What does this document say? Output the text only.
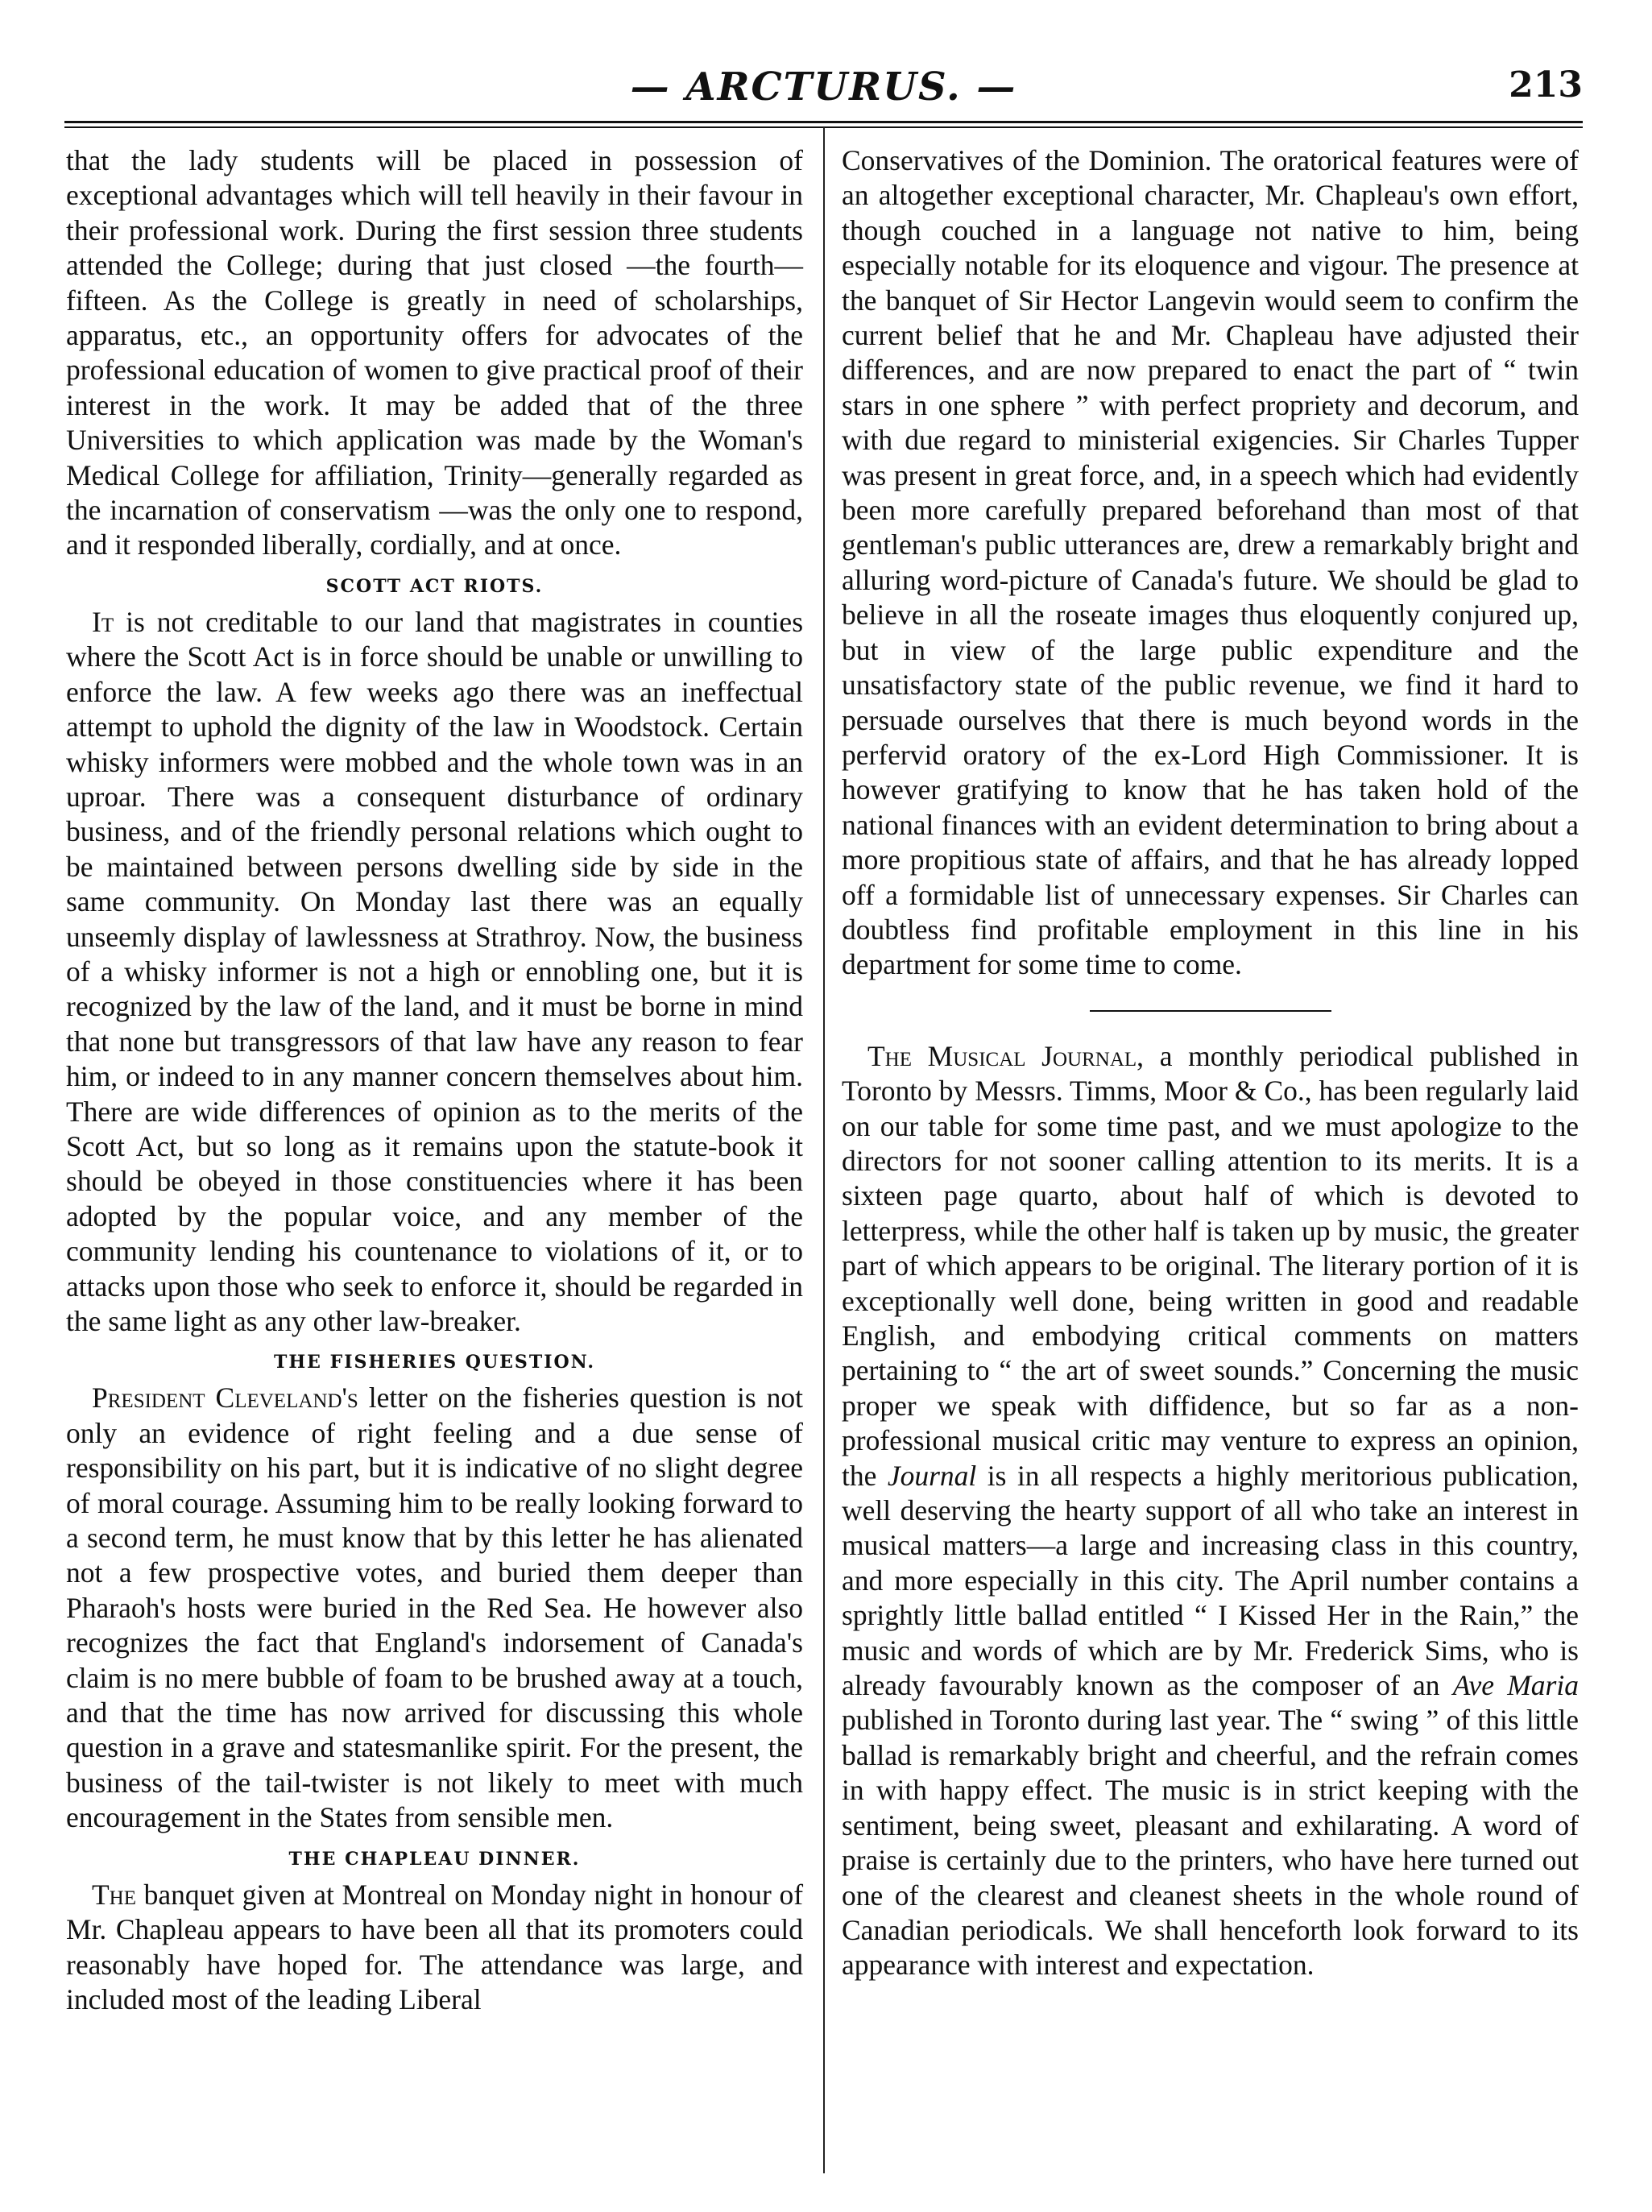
— ARCTURUS. —	213

that the lady students will be placed in possession of exceptional advantages which will tell heavily in their favour in their professional work. During the first session three students attended the College; during that just closed —the fourth—fifteen. As the College is greatly in need of scholarships, apparatus, etc., an opportunity offers for advocates of the professional education of women to give practical proof of their interest in the work. It may be added that of the three Universities to which application was made by the Woman's Medical College for affiliation, Trinity—generally regarded as the incarnation of conservatism —was the only one to respond, and it responded liberally, cordially, and at once.

SCOTT ACT RIOTS.

It is not creditable to our land that magistrates in counties where the Scott Act is in force should be unable or unwilling to enforce the law. A few weeks ago there was an ineffectual attempt to uphold the dignity of the law in Woodstock. Certain whisky informers were mobbed and the whole town was in an uproar. There was a consequent disturbance of ordinary business, and of the friendly personal relations which ought to be maintained between persons dwelling side by side in the same community. On Monday last there was an equally unseemly display of lawlessness at Strathroy. Now, the business of a whisky informer is not a high or ennobling one, but it is recognized by the law of the land, and it must be borne in mind that none but transgressors of that law have any reason to fear him, or indeed to in any manner concern themselves about him. There are wide differences of opinion as to the merits of the Scott Act, but so long as it remains upon the statute-book it should be obeyed in those constituencies where it has been adopted by the popular voice, and any member of the community lending his countenance to violations of it, or to attacks upon those who seek to enforce it, should be regarded in the same light as any other law-breaker.

THE FISHERIES QUESTION.

President Cleveland's letter on the fisheries question is not only an evidence of right feeling and a due sense of responsibility on his part, but it is indicative of no slight degree of moral courage. Assuming him to be really looking forward to a second term, he must know that by this letter he has alienated not a few prospective votes, and buried them deeper than Pharaoh's hosts were buried in the Red Sea. He however also recognizes the fact that England's indorsement of Canada's claim is no mere bubble of foam to be brushed away at a touch, and that the time has now arrived for discussing this whole question in a grave and statesmanlike spirit. For the present, the business of the tail-twister is not likely to meet with much encouragement in the States from sensible men.

THE CHAPLEAU DINNER.

The banquet given at Montreal on Monday night in honour of Mr. Chapleau appears to have been all that its promoters could reasonably have hoped for. The attendance was large, and included most of the leading Liberal

Conservatives of the Dominion. The oratorical features were of an altogether exceptional character, Mr. Chapleau's own effort, though couched in a language not native to him, being especially notable for its eloquence and vigour. The presence at the banquet of Sir Hector Langevin would seem to confirm the current belief that he and Mr. Chapleau have adjusted their differences, and are now prepared to enact the part of “ twin stars in one sphere ” with perfect propriety and decorum, and with due regard to ministerial exigencies. Sir Charles Tupper was present in great force, and, in a speech which had evidently been more carefully prepared beforehand than most of that gentleman's public utterances are, drew a remarkably bright and alluring word-picture of Canada's future. We should be glad to believe in all the roseate images thus eloquently conjured up, but in view of the large public expenditure and the unsatisfactory state of the public revenue, we find it hard to persuade ourselves that there is much beyond words in the perfervid oratory of the ex-Lord High Commissioner. It is however gratifying to know that he has taken hold of the national finances with an evident determination to bring about a more propitious state of affairs, and that he has already lopped off a formidable list of unnecessary expenses. Sir Charles can doubtless find profitable employment in this line in his department for some time to come.

The Musical Journal, a monthly periodical published in Toronto by Messrs. Timms, Moor & Co., has been regularly laid on our table for some time past, and we must apologize to the directors for not sooner calling attention to its merits. It is a sixteen page quarto, about half of which is devoted to letterpress, while the other half is taken up by music, the greater part of which appears to be original. The literary portion of it is exceptionally well done, being written in good and readable English, and embodying critical comments on matters pertaining to “ the art of sweet sounds.” Concerning the music proper we speak with diffidence, but so far as a non-professional musical critic may venture to express an opinion, the Journal is in all respects a highly meritorious publication, well deserving the hearty support of all who take an interest in musical matters—a large and increasing class in this country, and more especially in this city. The April number contains a sprightly little ballad entitled “ I Kissed Her in the Rain,” the music and words of which are by Mr. Frederick Sims, who is already favourably known as the composer of an Ave Maria published in Toronto during last year. The “ swing ” of this little ballad is remarkably bright and cheerful, and the refrain comes in with happy effect. The music is in strict keeping with the sentiment, being sweet, pleasant and exhilarating. A word of praise is certainly due to the printers, who have here turned out one of the clearest and cleanest sheets in the whole round of Canadian periodicals. We shall henceforth look forward to its appearance with interest and expectation.
